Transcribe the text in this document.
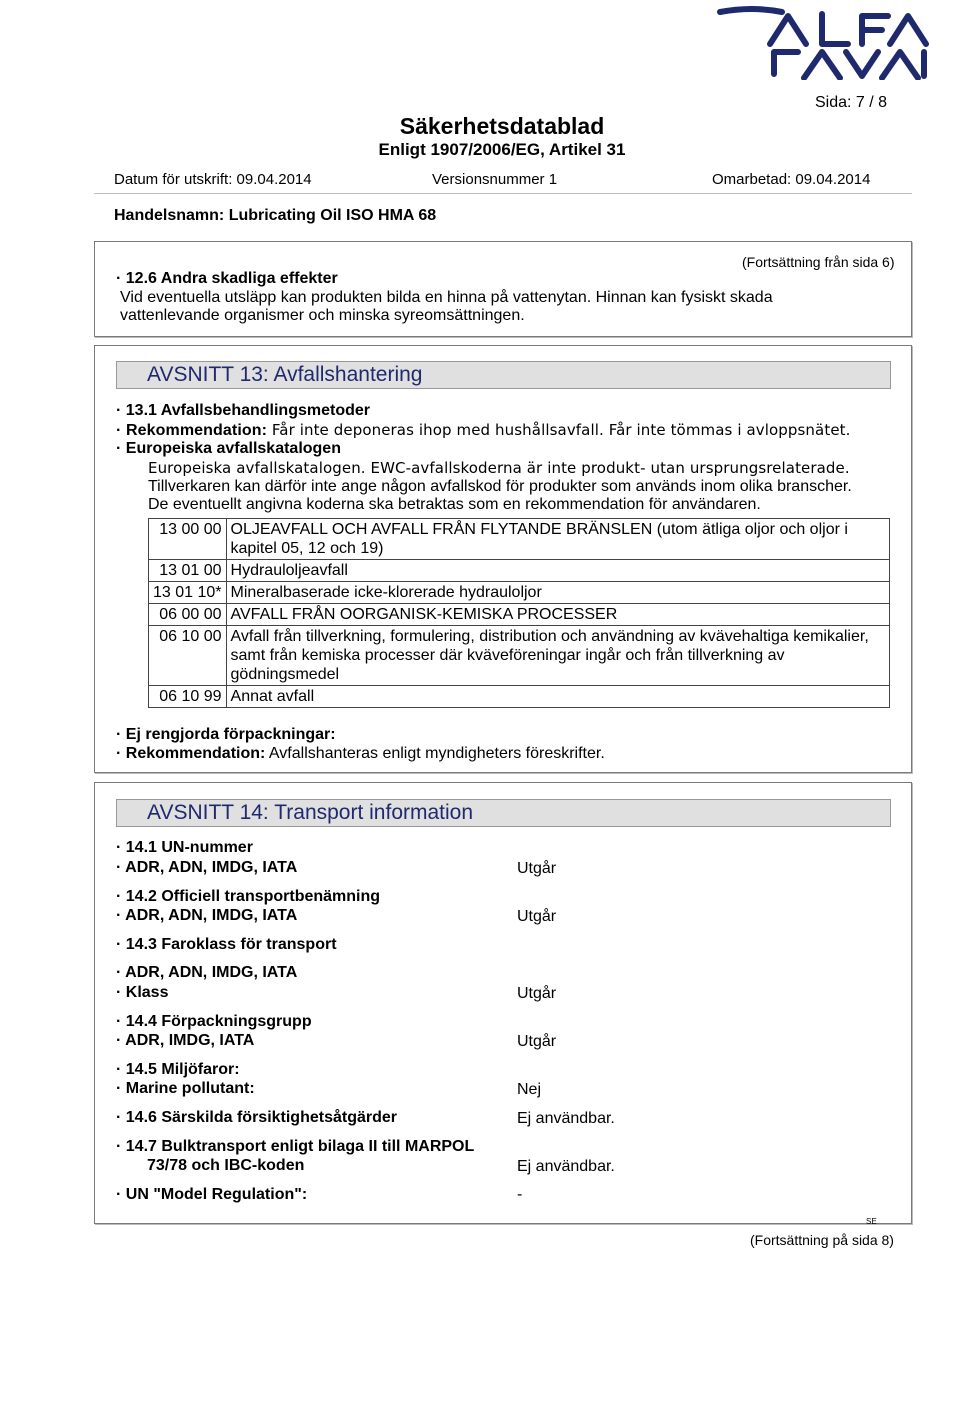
Sida: 7 / 8
Säkerhetsdatablad
Enligt 1907/2006/EG, Artikel 31
Datum för utskrift: 09.04.2014	Versionsnummer 1	Omarbetad: 09.04.2014
Handelsnamn: Lubricating Oil ISO HMA 68
(Fortsättning från sida 6)
· 12.6 Andra skadliga effekter
Vid eventuella utsläpp kan produkten bilda en hinna på vattenytan. Hinnan kan fysiskt skada
vattenlevande organismer och minska syreomsättningen.
AVSNITT 13: Avfallshantering
· 13.1 Avfallsbehandlingsmetoder
· Rekommendation: Får inte deponeras ihop med hushållsavfall. Får inte tömmas i avloppsnätet.
· Europeiska avfallskatalogen
Europeiska avfallskatalogen. EWC-avfallskoderna är inte produkt- utan ursprungsrelaterade.
Tillverkaren kan därför inte ange någon avfallskod för produkter som används inom olika branscher.
De eventuellt angivna koderna ska betraktas som en rekommendation för användaren.
13 00 00	OLJEAVFALL OCH AVFALL FRÅN FLYTANDE BRÄNSLEN (utom ätliga oljor och oljor i kapitel 05, 12 och 19)
13 01 00	Hydrauloljeavfall
13 01 10*	Mineralbaserade icke-klorerade hydrauloljor
06 00 00	AVFALL FRÅN OORGANISK-KEMISKA PROCESSER
06 10 00	Avfall från tillverkning, formulering, distribution och användning av kvävehaltiga kemikalier, samt från kemiska processer där kväveföreningar ingår och från tillverkning av gödningsmedel
06 10 99	Annat avfall
· Ej rengjorda förpackningar:
· Rekommendation: Avfallshanteras enligt myndigheters föreskrifter.
AVSNITT 14: Transport information
· 14.1 UN-nummer
· ADR, ADN, IMDG, IATA	Utgår
· 14.2 Officiell transportbenämning
· ADR, ADN, IMDG, IATA	Utgår
· 14.3 Faroklass för transport
· ADR, ADN, IMDG, IATA
· Klass	Utgår
· 14.4 Förpackningsgrupp
· ADR, IMDG, IATA	Utgår
· 14.5 Miljöfaror:
· Marine pollutant:	Nej
· 14.6 Särskilda försiktighetsåtgärder	Ej användbar.
· 14.7 Bulktransport enligt bilaga II till MARPOL
73/78 och IBC-koden	Ej användbar.
· UN "Model Regulation":	-
SE
(Fortsättning på sida 8)
